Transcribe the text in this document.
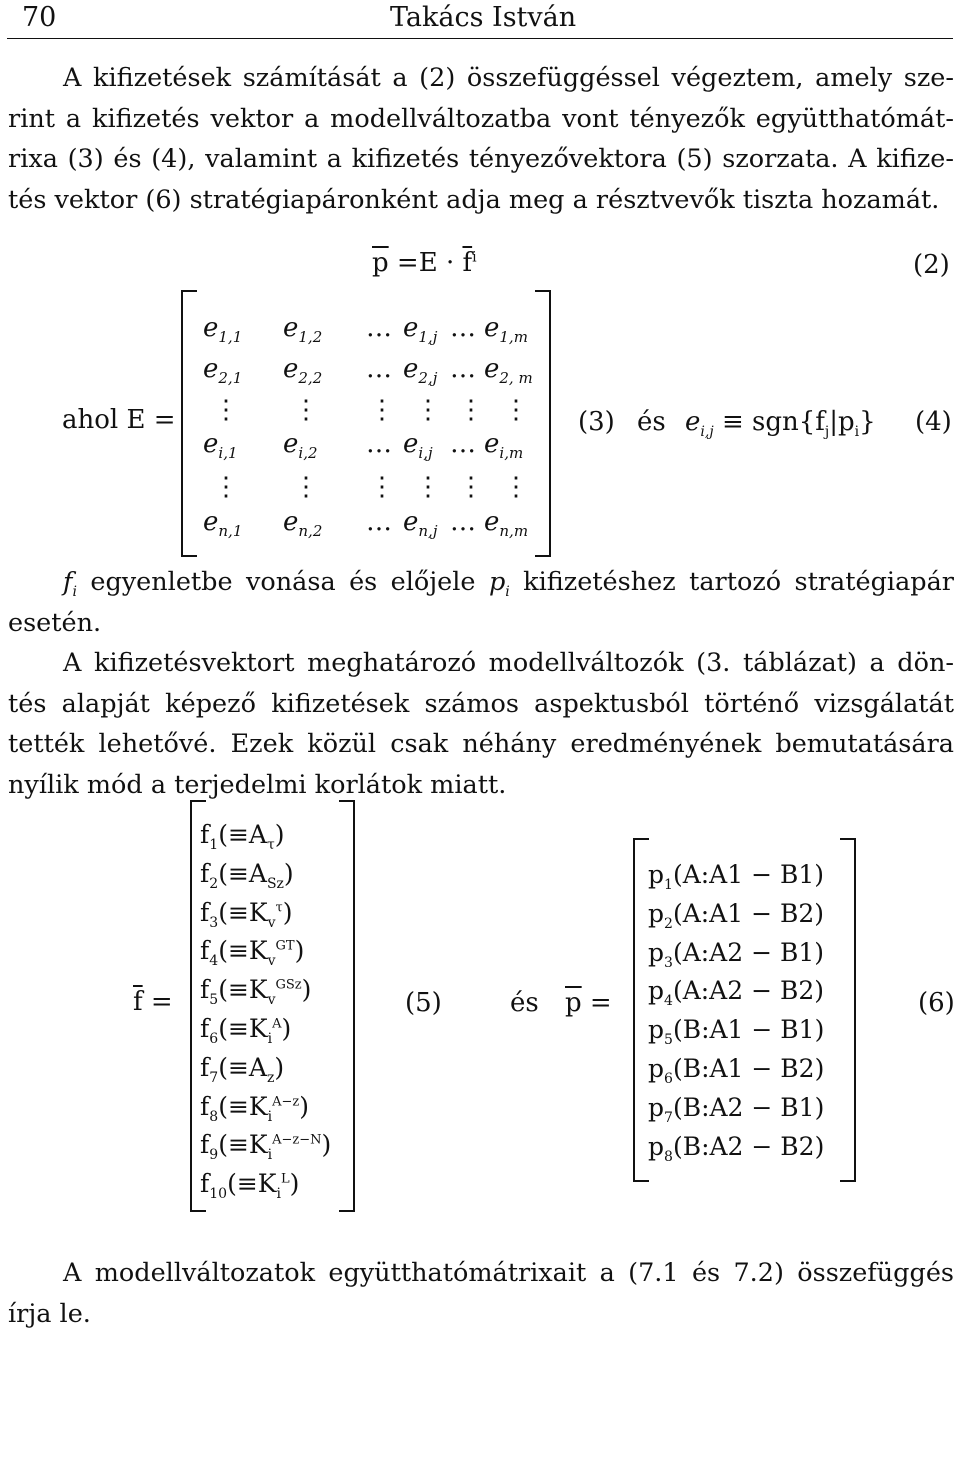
70	Takács István
A kifizetések számítását a (2) összefüggéssel végeztem, amely sze-
rint a kifizetés vektor a modellváltozatba vont tényezők együtthatómát-
rixa (3) és (4), valamint a kifizetés tényezővektora (5) szorzata. A kifize-
tés vektor (6) stratégiapáronként adja meg a résztvevők tiszta hozamát.
$\overline{p} =E \cdot \overline{f}^i$	(2)
ahol E =
$e_{1,1}$ $e_{1,2}$ … $e_{1,j}$ … $e_{1,m}$
$e_{2,1}$ $e_{2,2}$ … $e_{2,j}$ … $e_{2, m}$
⋮ ⋮ ⋮ ⋮ ⋮ ⋮
$e_{i,1}$ $e_{i,2}$ … $e_{i,j}$ … $e_{i,m}$
⋮ ⋮ ⋮ ⋮ ⋮ ⋮
$e_{n,1}$ $e_{n,2}$ … $e_{n,j}$ … $e_{n,m}$
(3) és $e_{i,j} \equiv sgn\{f_j|p_i\}$ (4)
$f_i$ egyenletbe vonása és előjele $p_i$ kifizetéshez tartozó stratégiapár
esetén.
A kifizetésvektort meghatározó modellváltozók (3. táblázat) a dön-
tés alapját képező kifizetések számos aspektusból történő vizsgálatát
tették lehetővé. Ezek közül csak néhány eredményének bemutatására
nyílik mód a terjedelmi korlátok miatt.
$\overline{f}$ =
$f_1(\equiv A_\tau)$
$f_2(\equiv A_{Sz})$
$f_3(\equiv K_v^\tau)$
$f_4(\equiv K_v^{GT})$
$f_5(\equiv K_v^{GSz})$
$f_6(\equiv K_i^A)$
$f_7(\equiv A_z)$
$f_8(\equiv K_i^{A-z})$
$f_9(\equiv K_i^{A-z-N})$
$f_{10}(\equiv K_i^L)$
(5)	és $\overline{p}$ =
$p_1(A:A1 - B1)$
$p_2(A:A1 - B2)$
$p_3(A:A2 - B1)$
$p_4(A:A2 - B2)$
$p_5(B:A1 - B1)$
$p_6(B:A1 - B2)$
$p_7(B:A2 - B1)$
$p_8(B:A2 - B2)$
(6)
A modellváltozatok együtthatómátrixait a (7.1 és 7.2) összefüggés
írja le.
